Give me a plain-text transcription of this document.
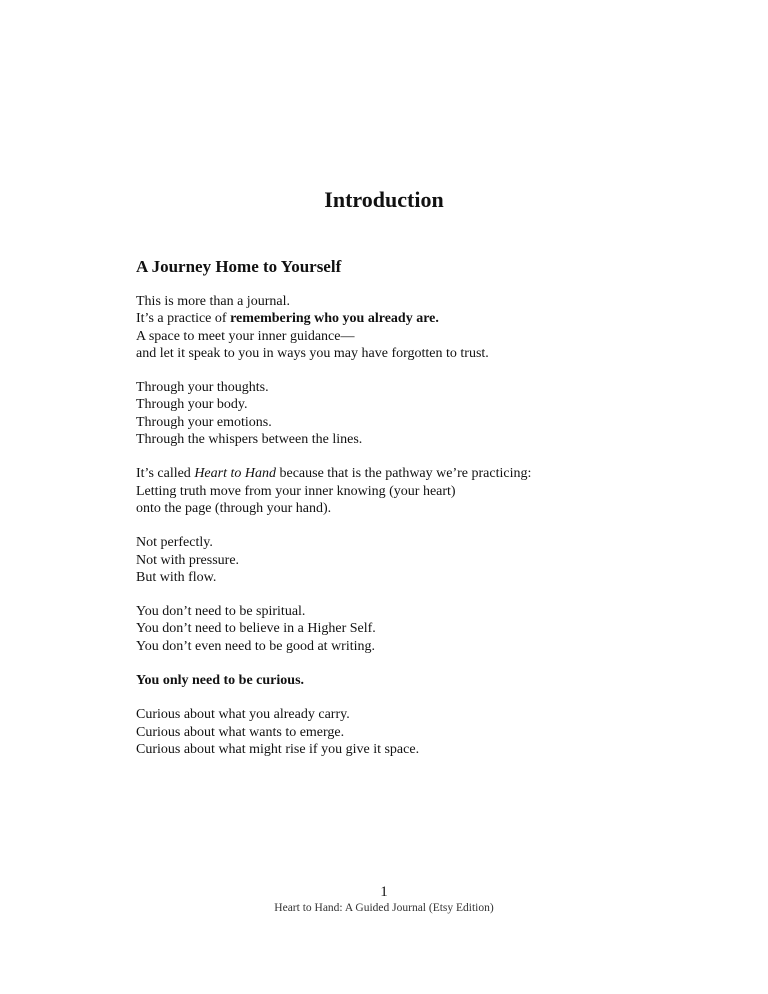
Introduction
A Journey Home to Yourself
This is more than a journal.
It’s a practice of remembering who you already are.
A space to meet your inner guidance—
and let it speak to you in ways you may have forgotten to trust.
Through your thoughts.
Through your body.
Through your emotions.
Through the whispers between the lines.
It’s called Heart to Hand because that is the pathway we’re practicing:
Letting truth move from your inner knowing (your heart)
onto the page (through your hand).
Not perfectly.
Not with pressure.
But with flow.
You don’t need to be spiritual.
You don’t need to believe in a Higher Self.
You don’t even need to be good at writing.
You only need to be curious.
Curious about what you already carry.
Curious about what wants to emerge.
Curious about what might rise if you give it space.
1
Heart to Hand: A Guided Journal (Etsy Edition)
